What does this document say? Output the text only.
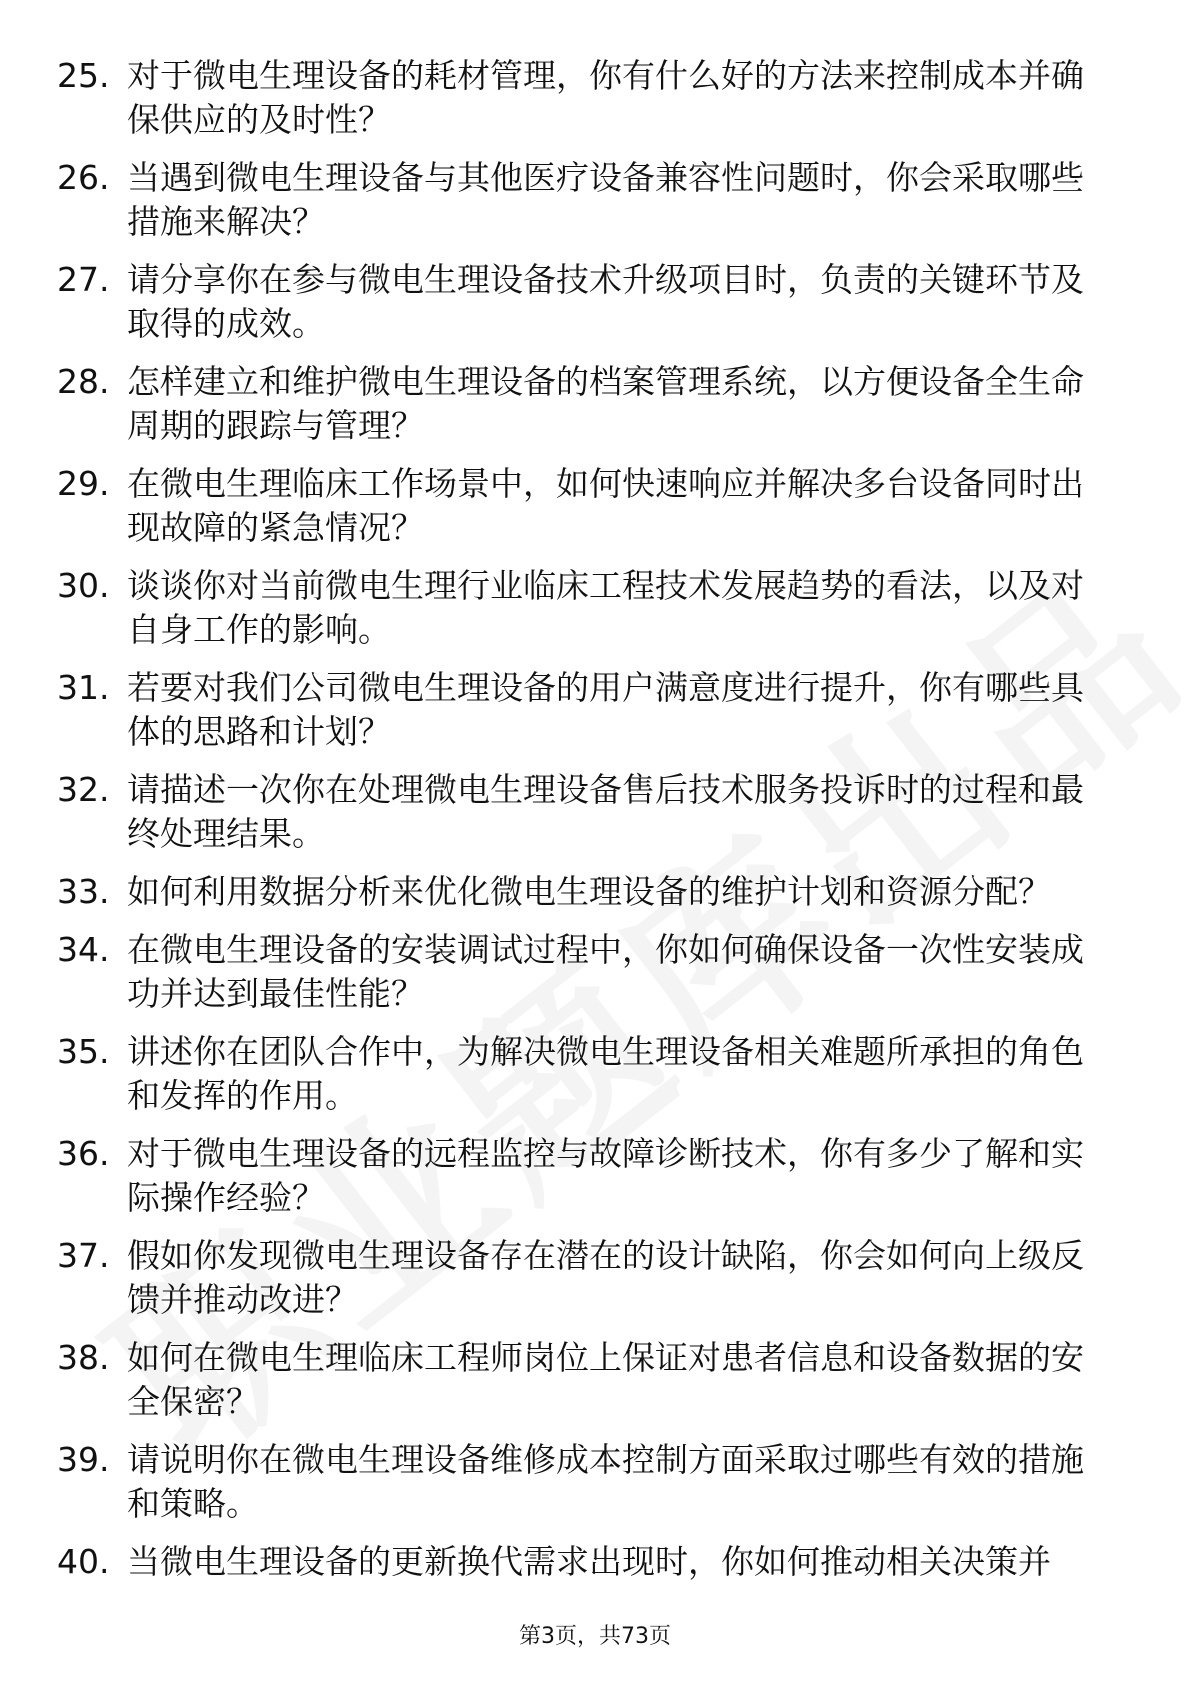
25. 对于微电生理设备的耗材管理，你有什么好的方法来控制成本并确保供应的及时性？
26. 当遇到微电生理设备与其他医疗设备兼容性问题时，你会采取哪些措施来解决？
27. 请分享你在参与微电生理设备技术升级项目时，负责的关键环节及取得的成效。
28. 怎样建立和维护微电生理设备的档案管理系统，以方便设备全生命周期的跟踪与管理？
29. 在微电生理临床工作场景中，如何快速响应并解决多台设备同时出现故障的紧急情况？
30. 谈谈你对当前微电生理行业临床工程技术发展趋势的看法，以及对自身工作的影响。
31. 若要对我们公司微电生理设备的用户满意度进行提升，你有哪些具体的思路和计划？
32. 请描述一次你在处理微电生理设备售后技术服务投诉时的过程和最终处理结果。
33. 如何利用数据分析来优化微电生理设备的维护计划和资源分配？
34. 在微电生理设备的安装调试过程中，你如何确保设备一次性安装成功并达到最佳性能？
35. 讲述你在团队合作中，为解决微电生理设备相关难题所承担的角色和发挥的作用。
36. 对于微电生理设备的远程监控与故障诊断技术，你有多少了解和实际操作经验？
37. 假如你发现微电生理设备存在潜在的设计缺陷，你会如何向上级反馈并推动改进？
38. 如何在微电生理临床工程师岗位上保证对患者信息和设备数据的安全保密？
39. 请说明你在微电生理设备维修成本控制方面采取过哪些有效的措施和策略。
40. 当微电生理设备的更新换代需求出现时，你如何推动相关决策并
第3页，共73页
